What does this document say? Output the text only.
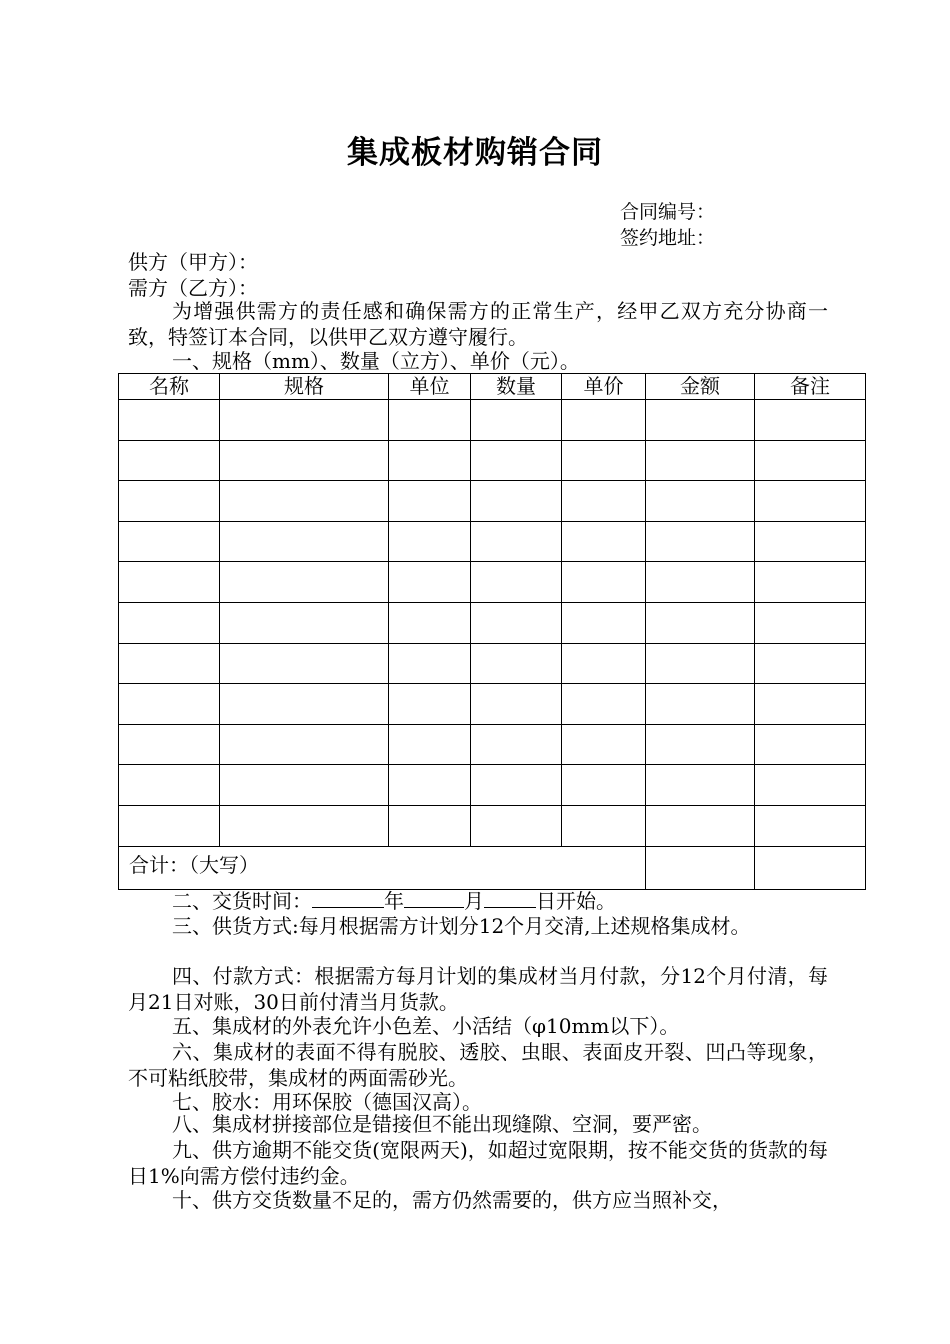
集成板材购销合同
合同编号：
签约地址：
供方（甲方）：
需方（乙方）：
为增强供需方的责任感和确保需方的正常生产，经甲乙双方充分协商一致，特签订本合同，以供甲乙双方遵守履行。
一、规格（mm）、数量（立方）、单价（元）。
名称	规格	单位	数量	单价	金额	备注

合计：（大写）						
二、交货时间：	年	月	日开始。
三、供货方式:每月根据需方计划分12个月交清,上述规格集成材。
四、付款方式：根据需方每月计划的集成材当月付款，分12个月付清，每月21日对账，30日前付清当月货款。
五、集成材的外表允许小色差、小活结（φ10mm以下）。
六、集成材的表面不得有脱胶、透胶、虫眼、表面皮开裂、凹凸等现象，不可粘纸胶带，集成材的两面需砂光。
七、胶水：用环保胶（德国汉高）。
八、集成材拼接部位是错接但不能出现缝隙、空洞，要严密。
九、供方逾期不能交货(宽限两天)，如超过宽限期，按不能交货的货款的每日1%向需方偿付违约金。
十、供方交货数量不足的，需方仍然需要的，供方应当照补交，
